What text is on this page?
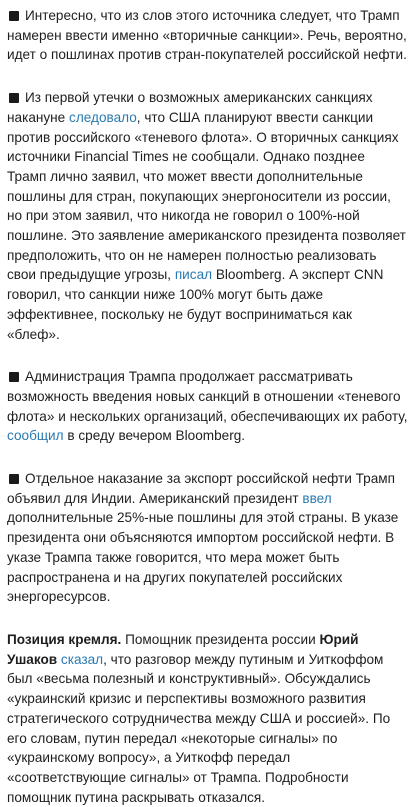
Интересно, что из слов этого источника следует, что Трамп намерен ввести именно «вторичные санкции». Речь, вероятно, идет о пошлинах против стран-покупателей российской нефти.

Из первой утечки о возможных американских санкциях накануне следовало, что США планируют ввести санкции против российского «теневого флота». О вторичных санкциях источники Financial Times не сообщали. Однако позднее Трамп лично заявил, что может ввести дополнительные пошлины для стран, покупающих энергоносители из россии, но при этом заявил, что никогда не говорил о 100%-ной пошлине. Это заявление американского президента позволяет предположить, что он не намерен полностью реализовать свои предыдущие угрозы, писал Bloomberg. А эксперт CNN говорил, что санкции ниже 100% могут быть даже эффективнее, поскольку не будут восприниматься как «блеф».

Администрация Трампа продолжает рассматривать возможность введения новых санкций в отношении «теневого флота» и нескольких организаций, обеспечивающих их работу, сообщил в среду вечером Bloomberg.

Отдельное наказание за экспорт российской нефти Трамп объявил для Индии. Американский президент ввел дополнительные 25%-ные пошлины для этой страны. В указе президента они объясняются импортом российской нефти. В указе Трампа также говорится, что мера может быть распространена и на других покупателей российских энергоресурсов.

Позиция кремля. Помощник президента россии Юрий Ушаков сказал, что разговор между путиным и Уиткоффом был «весьма полезный и конструктивный». Обсуждались «украинский кризис и перспективы возможного развития стратегического сотрудничества между США и россией». По его словам, путин передал «некоторые сигналы» по «украинскому вопросу», а Уиткофф передал «соответствующие сигналы» от Трампа. Подробности помощник путина раскрывать отказался.
